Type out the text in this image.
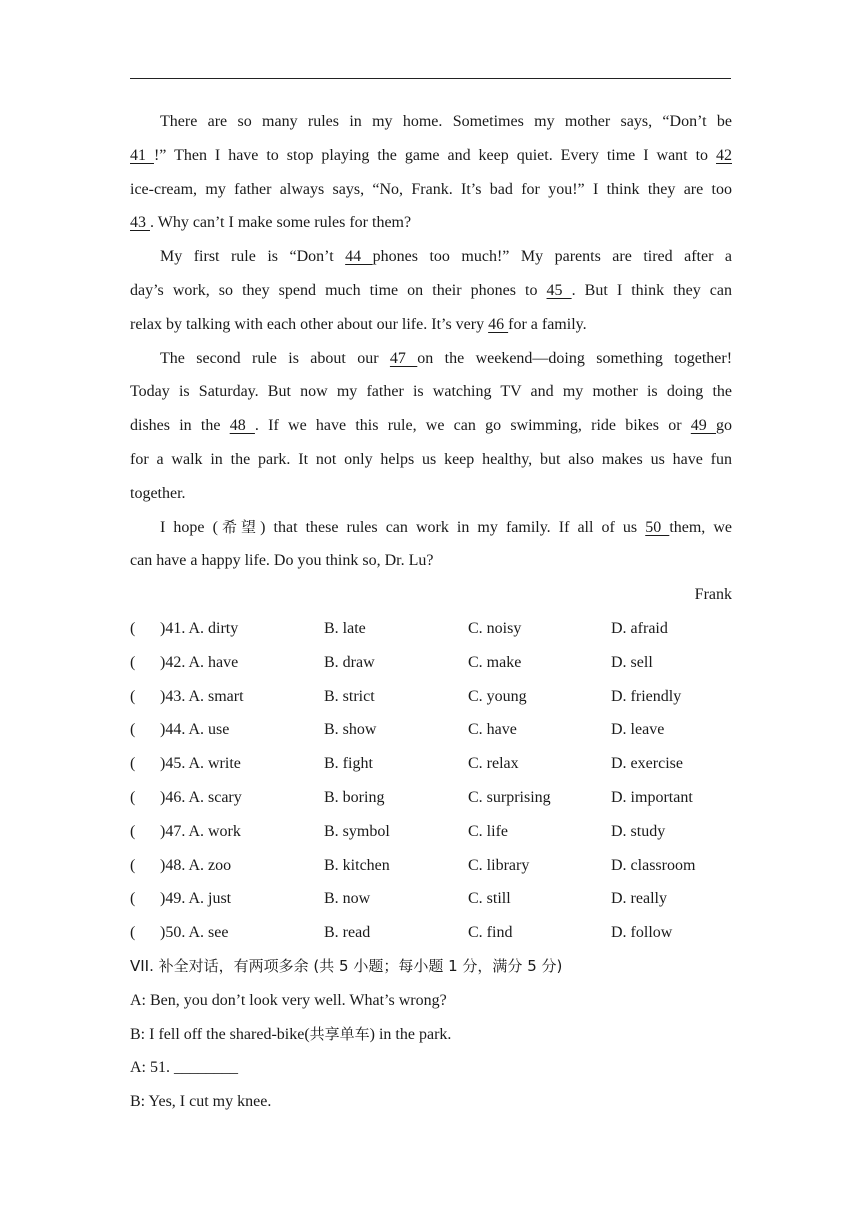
There are so many rules in my home. Sometimes my mother says, “Don’t be
41 !” Then I have to stop playing the game and keep quiet. Every time I want to 42
ice-cream, my father always says, “No, Frank. It’s bad for you!” I think they are too
43 . Why can’t I make some rules for them?
My first rule is “Don’t 44 phones too much!” My parents are tired after a
day’s work, so they spend much time on their phones to 45 . But I think they can
relax by talking with each other about our life. It’s very 46 for a family.
The second rule is about our 47 on the weekend—doing something together!
Today is Saturday. But now my father is watching TV and my mother is doing the
dishes in the 48 . If we have this rule, we can go swimming, ride bikes or 49 go
for a walk in the park. It not only helps us keep healthy, but also makes us have fun
together.
I hope (希望) that these rules can work in my family. If all of us 50 them, we
can have a happy life. Do you think so, Dr. Lu?
Frank
( )41. A. dirty	B. late	C. noisy	D. afraid
( )42. A. have	B. draw	C. make	D. sell
( )43. A. smart	B. strict	C. young	D. friendly
( )44. A. use	B. show	C. have	D. leave
( )45. A. write	B. fight	C. relax	D. exercise
( )46. A. scary	B. boring	C. surprising	D. important
( )47. A. work	B. symbol	C. life	D. study
( )48. A. zoo	B. kitchen	C. library	D. classroom
( )49. A. just	B. now	C. still	D. really
( )50. A. see	B. read	C. find	D. follow
VII. 补全对话，有两项多余 (共 5 小题；每小题 1 分，满分 5 分)
A: Ben, you don’t look very well. What’s wrong?
B: I fell off the shared-bike(共享单车) in the park.
A: 51. ________
B: Yes, I cut my knee.
